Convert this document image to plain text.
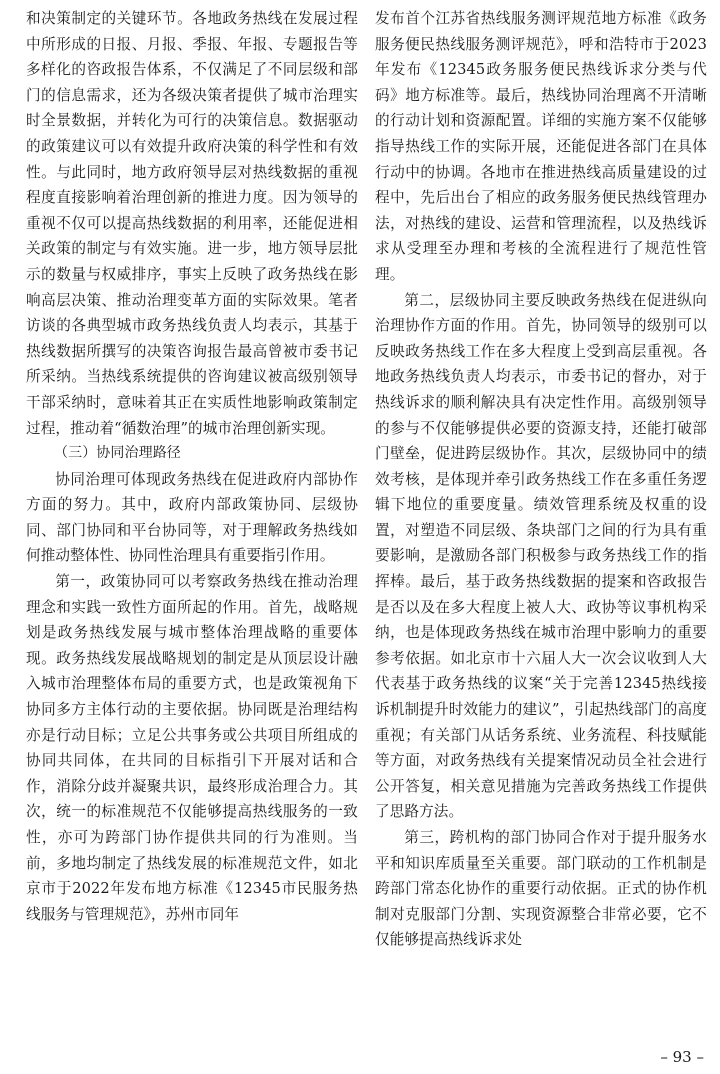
和决策制定的关键环节。各地政务热线在发展过程中所形成的日报、月报、季报、年报、专题报告等多样化的咨政报告体系，不仅满足了不同层级和部门的信息需求，还为各级决策者提供了城市治理实时全景数据，并转化为可行的决策信息。数据驱动的政策建议可以有效提升政府决策的科学性和有效性。与此同时，地方政府领导层对热线数据的重视程度直接影响着治理创新的推进力度。因为领导的重视不仅可以提高热线数据的利用率，还能促进相关政策的制定与有效实施。进一步，地方领导层批示的数量与权威排序，事实上反映了政务热线在影响高层决策、推动治理变革方面的实际效果。笔者访谈的各典型城市政务热线负责人均表示，其基于热线数据所撰写的决策咨询报告最高曾被市委书记所采纳。当热线系统提供的咨询建议被高级别领导干部采纳时，意味着其正在实质性地影响政策制定过程，推动着“循数治理”的城市治理创新实现。

（三）协同治理路径

协同治理可体现政务热线在促进政府内部协作方面的努力。其中，政府内部政策协同、层级协同、部门协同和平台协同等，对于理解政务热线如何推动整体性、协同性治理具有重要指引作用。

第一，政策协同可以考察政务热线在推动治理理念和实践一致性方面所起的作用。首先，战略规划是政务热线发展与城市整体治理战略的重要体现。政务热线发展战略规划的制定是从顶层设计融入城市治理整体布局的重要方式，也是政策视角下协同多方主体行动的主要依据。协同既是治理结构亦是行动目标；立足公共事务或公共项目所组成的协同共同体，在共同的目标指引下开展对话和合作，消除分歧并凝聚共识，最终形成治理合力。其次，统一的标准规范不仅能够提高热线服务的一致性，亦可为跨部门协作提供共同的行为准则。当前，多地均制定了热线发展的标准规范文件，如北京市于2022年发布地方标准《12345市民服务热线服务与管理规范》，苏州市同年

发布首个江苏省热线服务测评规范地方标准《政务服务便民热线服务测评规范》，呼和浩特市于2023年发布《12345政务服务便民热线诉求分类与代码》地方标准等。最后，热线协同治理离不开清晰的行动计划和资源配置。详细的实施方案不仅能够指导热线工作的实际开展，还能促进各部门在具体行动中的协调。各地市在推进热线高质量建设的过程中，先后出台了相应的政务服务便民热线管理办法，对热线的建设、运营和管理流程，以及热线诉求从受理至办理和考核的全流程进行了规范性管理。

第二，层级协同主要反映政务热线在促进纵向治理协作方面的作用。首先，协同领导的级别可以反映政务热线工作在多大程度上受到高层重视。各地政务热线负责人均表示，市委书记的督办，对于热线诉求的顺利解决具有决定性作用。高级别领导的参与不仅能够提供必要的资源支持，还能打破部门壁垒，促进跨层级协作。其次，层级协同中的绩效考核，是体现并牵引政务热线工作在多重任务逻辑下地位的重要度量。绩效管理系统及权重的设置，对塑造不同层级、条块部门之间的行为具有重要影响，是激励各部门积极参与政务热线工作的指挥棒。最后，基于政务热线数据的提案和咨政报告是否以及在多大程度上被人大、政协等议事机构采纳，也是体现政务热线在城市治理中影响力的重要参考依据。如北京市十六届人大一次会议收到人大代表基于政务热线的议案“关于完善12345热线接诉机制提升时效能力的建议”，引起热线部门的高度重视；有关部门从话务系统、业务流程、科技赋能等方面，对政务热线有关提案情况动员全社会进行公开答复，相关意见措施为完善政务热线工作提供了思路方法。

第三，跨机构的部门协同合作对于提升服务水平和知识库质量至关重要。部门联动的工作机制是跨部门常态化协作的重要行动依据。正式的协作机制对克服部门分割、实现资源整合非常必要，它不仅能够提高热线诉求处

– 93 –
